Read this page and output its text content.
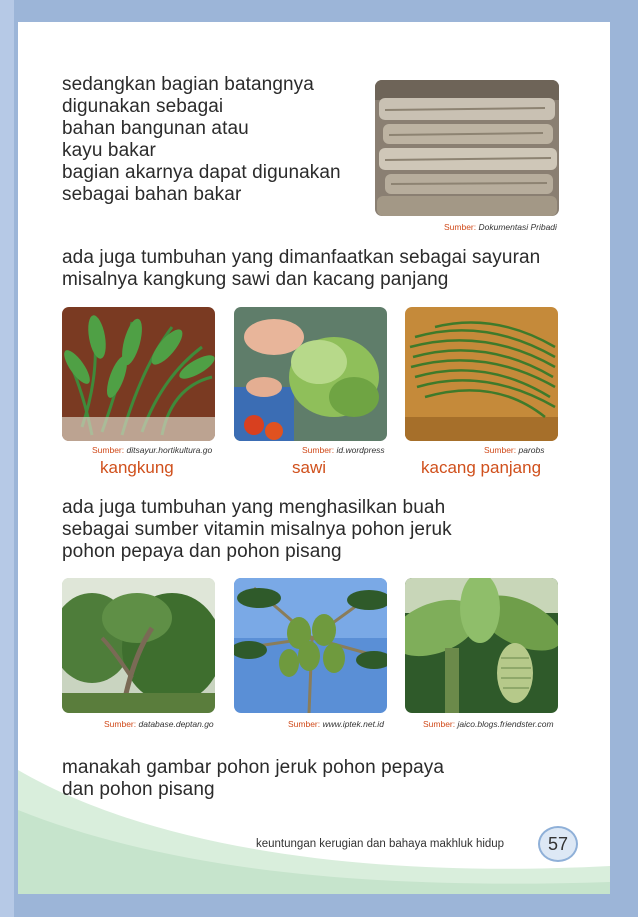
sedangkan bagian batangnya
digunakan sebagai
bahan bangunan atau
kayu bakar
bagian akarnya dapat digunakan
sebagai bahan bakar
Sumber: Dokumentasi Pribadi
ada juga tumbuhan yang dimanfaatkan sebagai sayuran
misalnya kangkung sawi dan kacang panjang
Sumber: ditsayur.hortikultura.go	Sumber: id.wordpress	Sumber: parobs
kangkung	sawi	kacang panjang
ada juga tumbuhan yang menghasilkan buah
sebagai sumber vitamin misalnya pohon jeruk
pohon pepaya dan pohon pisang
Sumber: database.deptan.go	Sumber: www.iptek.net.id	Sumber: jaico.blogs.friendster.com
manakah gambar pohon jeruk pohon pepaya
dan pohon pisang
keuntungan kerugian dan bahaya makhluk hidup	57
